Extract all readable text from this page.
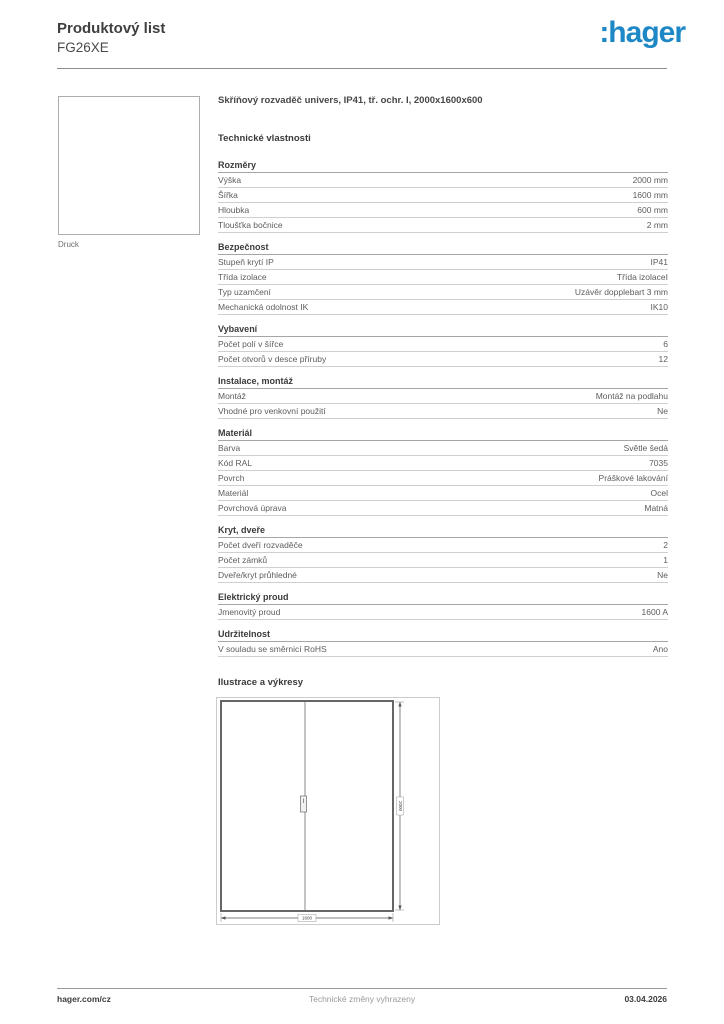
Produktový list
FG26XE	:hager
Druck
Skříňový rozvaděč univers, IP41, tř. ochr. I, 2000x1600x600
Technické vlastnosti
Rozměry
Výška	2000 mm
Šířka	1600 mm
Hloubka	600 mm
Tloušťka bočnice	2 mm
Bezpečnost
Stupeň krytí IP	IP41
Třída izolace	Třída izolaceI
Typ uzamčení	Uzávěr dopplebart 3 mm
Mechanická odolnost IK	IK10
Vybavení
Počet polí v šířce	6
Počet otvorů v desce příruby	12
Instalace, montáž
Montáž	Montáž na podlahu
Vhodné pro venkovní použití	Ne
Materiál
Barva	Světle šedá
Kód RAL	7035
Povrch	Práškové lakování
Materiál	Ocel
Povrchová úprava	Matná
Kryt, dveře
Počet dveří rozvaděče	2
Počet zámků	1
Dveře/kryt průhledné	Ne
Elektrický proud
Jmenovitý proud	1600 A
Udržitelnost
V souladu se směrnicí RoHS	Ano
Ilustrace a výkresy
2000
1600
Technické změny vyhrazeny
hager.com/cz	03.04.2026
